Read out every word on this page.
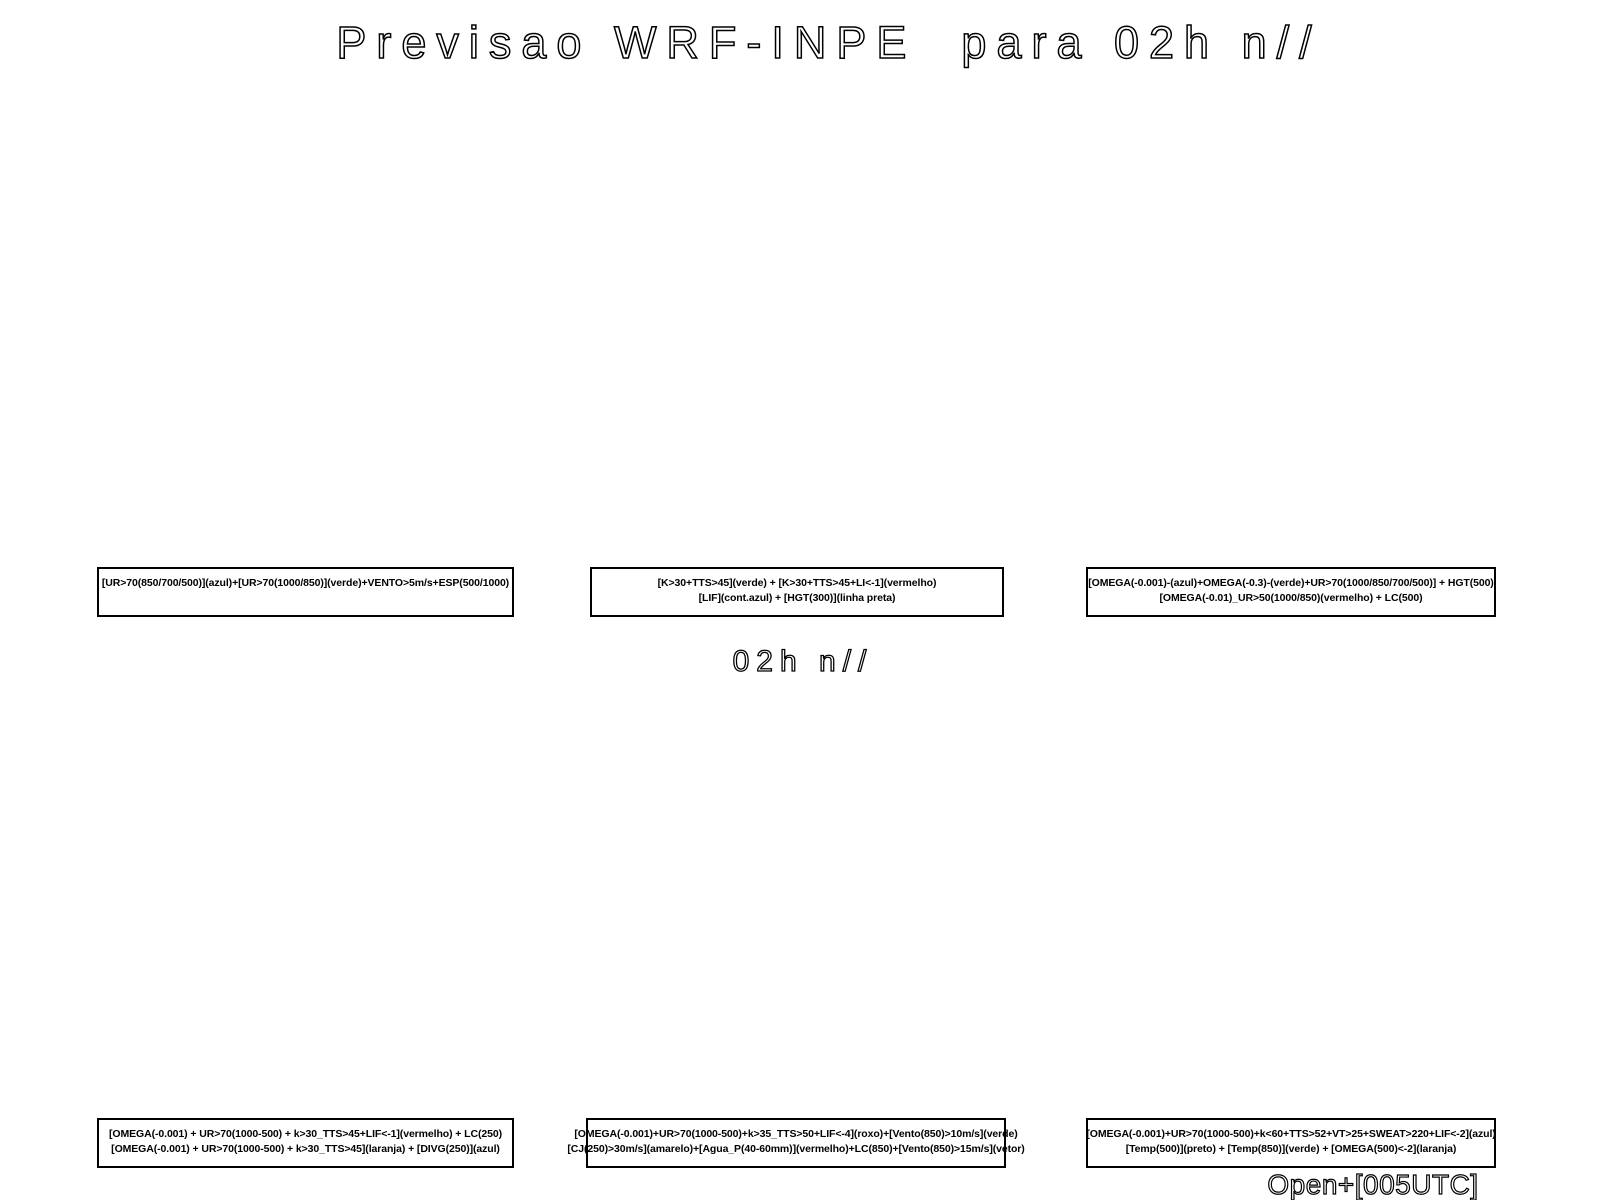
Previsao WRF-INPE  para 02h n//
[UR>70(850/700/500)](azul)+[UR>70(1000/850)](verde)+VENTO>5m/s+ESP(500/1000)	[K>30+TTS>45](verde) + [K>30+TTS>45+LI<-1](vermelho)
[LIF](cont.azul) + [HGT(300)](linha preta)
[OMEGA(-0.001)-(azul)+OMEGA(-0.3)-(verde)+UR>70(1000/850/700/500)] + HGT(500)
[OMEGA(-0.01)_UR>50(1000/850)(vermelho) + LC(500)
02h n//
[OMEGA(-0.001) + UR>70(1000-500) + k>30_TTS>45+LIF<-1](vermelho) + LC(250)
[OMEGA(-0.001) + UR>70(1000-500) + k>30_TTS>45](laranja) + [DIVG(250)](azul)
[OMEGA(-0.001)+UR>70(1000-500)+k>35_TTS>50+LIF<-4](roxo)+[Vento(850)>10m/s](verde)
[CJ(250)>30m/s](amarelo)+[Agua_P(40-60mm)](vermelho)+LC(850)+[Vento(850)>15m/s](vetor)
[OMEGA(-0.001)+UR>70(1000-500)+k<60+TTS>52+VT>25+SWEAT>220+LIF<-2](azul)
[Temp(500)](preto) + [Temp(850)](verde) + [OMEGA(500)<-2](laranja)
Open+[005UTC]
